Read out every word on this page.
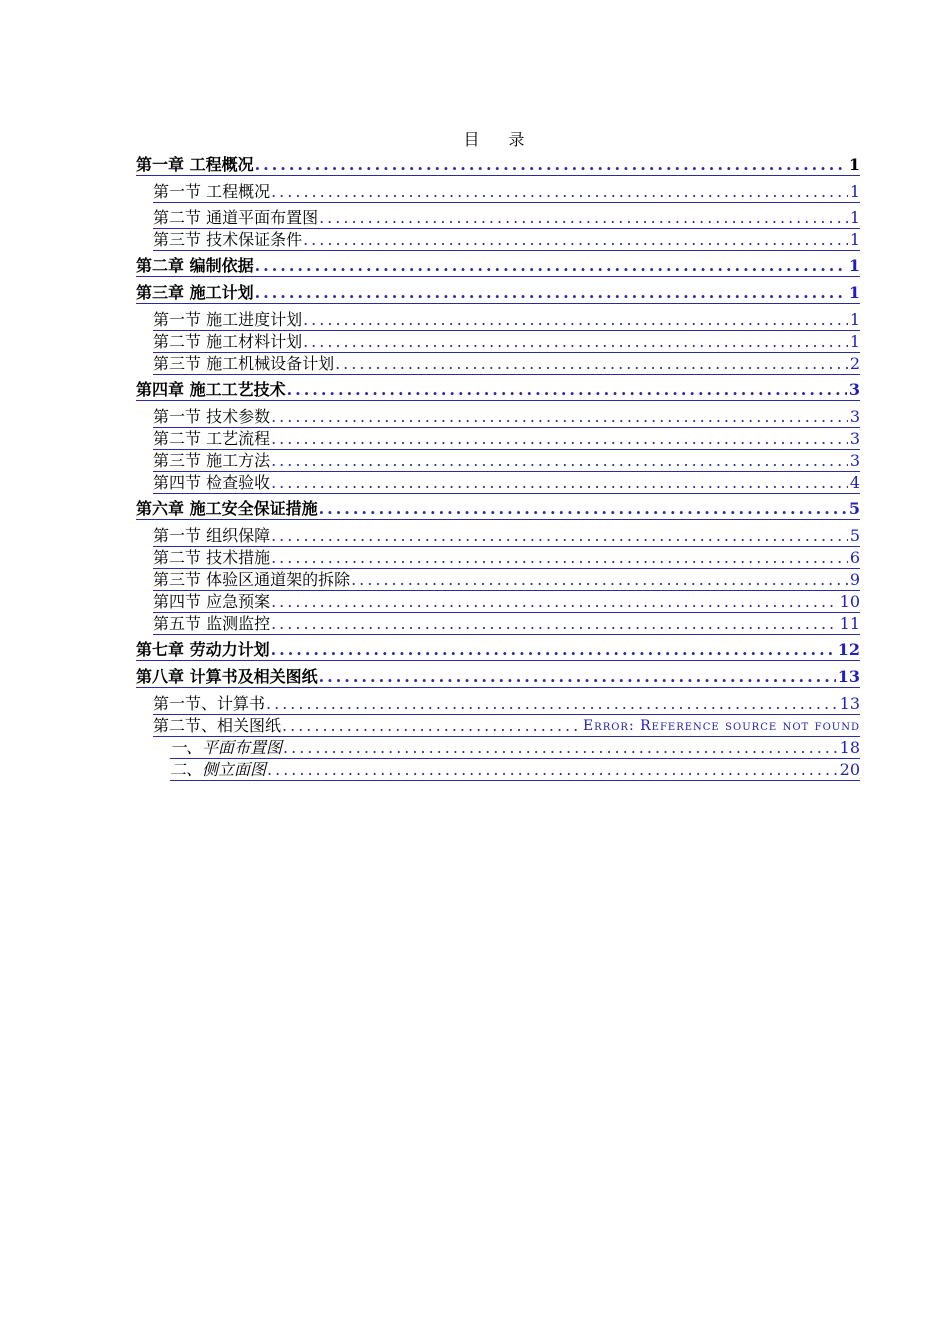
目 录
第一章 工程概况 .....	1
第一节 工程概况 .....	1
第二节 通道平面布置图 .....	1
第三节 技术保证条件 .....	1
第二章 编制依据 .....	1
第三章 施工计划 .....	1
第一节 施工进度计划 .....	1
第二节 施工材料计划 .....	1
第三节 施工机械设备计划 .....	2
第四章 施工工艺技术 .....	3
第一节 技术参数 .....	3
第二节 工艺流程 .....	3
第三节 施工方法 .....	3
第四节 检查验收 .....	4
第六章 施工安全保证措施 .....	5
第一节 组织保障 .....	5
第二节 技术措施 .....	6
第三节 体验区通道架的拆除 .....	9
第四节 应急预案 .....	10
第五节 监测监控 .....	11
第七章 劳动力计划 .....	12
第八章 计算书及相关图纸 .....	13
第一节、计算书 .....	13
第二节、相关图纸 .....	Error: Reference source not found
一、平面布置图 .....	18
二、侧立面图 .....	20
